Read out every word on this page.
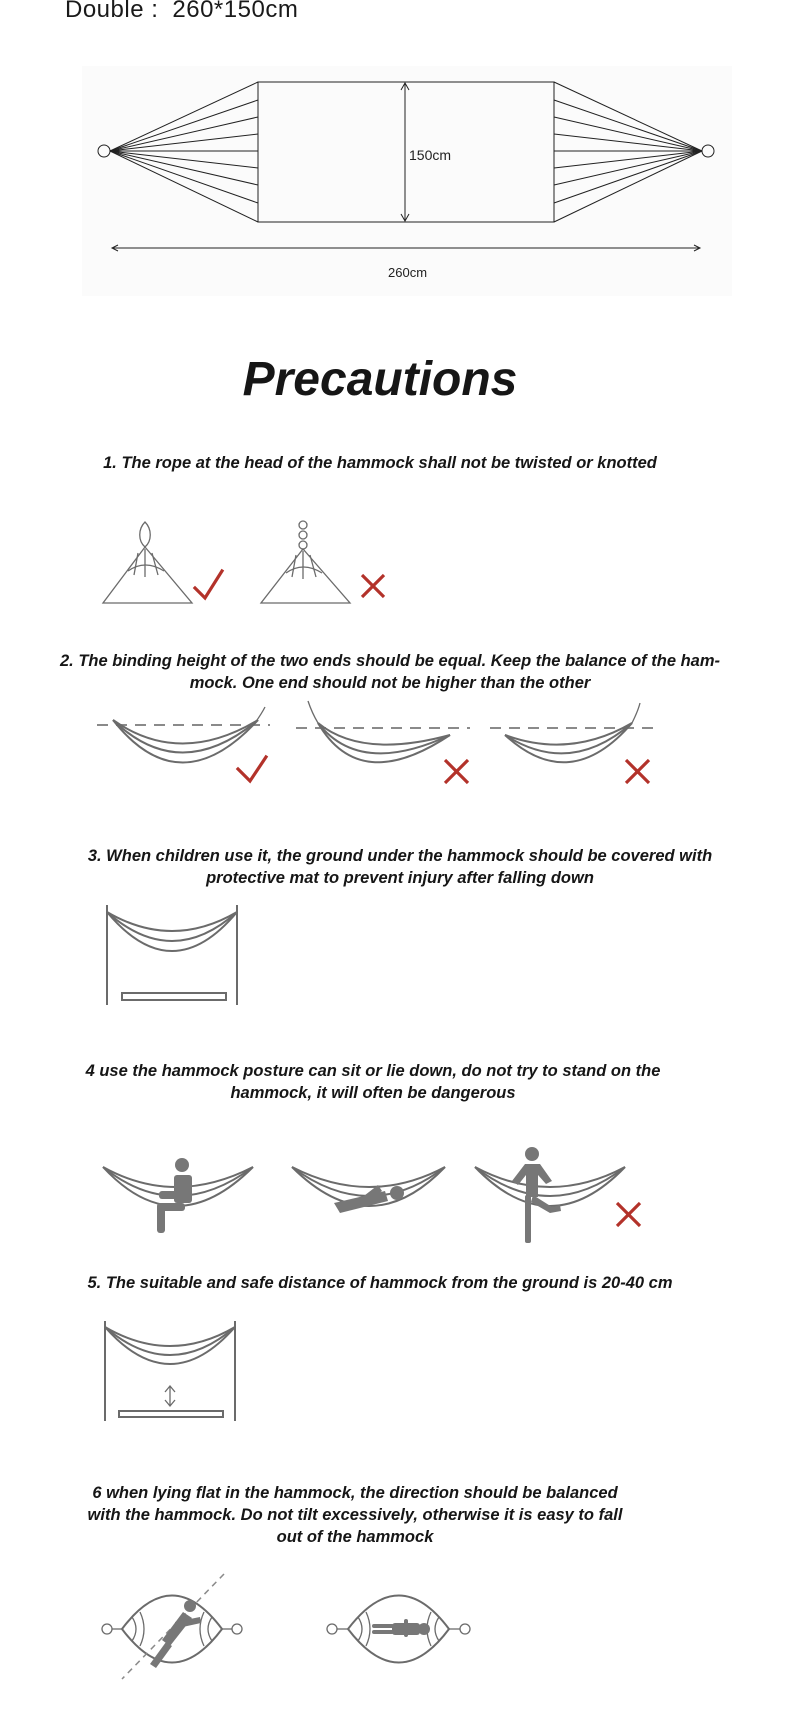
Double : 260*150cm
150cm
260cm
Precautions
1. The rope at the head of the hammock shall not be twisted or knotted
2. The binding height of the two ends should be equal. Keep the balance of the ham-
mock. One end should not be higher than the other
3. When children use it, the ground under the hammock should be covered with
protective mat to prevent injury after falling down
4 use the hammock posture can sit or lie down, do not try to stand on the
hammock, it will often be dangerous
5. The suitable and safe distance of hammock from the ground is 20-40 cm
6 when lying flat in the hammock, the direction should be balanced
with the hammock. Do not tilt excessively, otherwise it is easy to fall
out of the hammock
